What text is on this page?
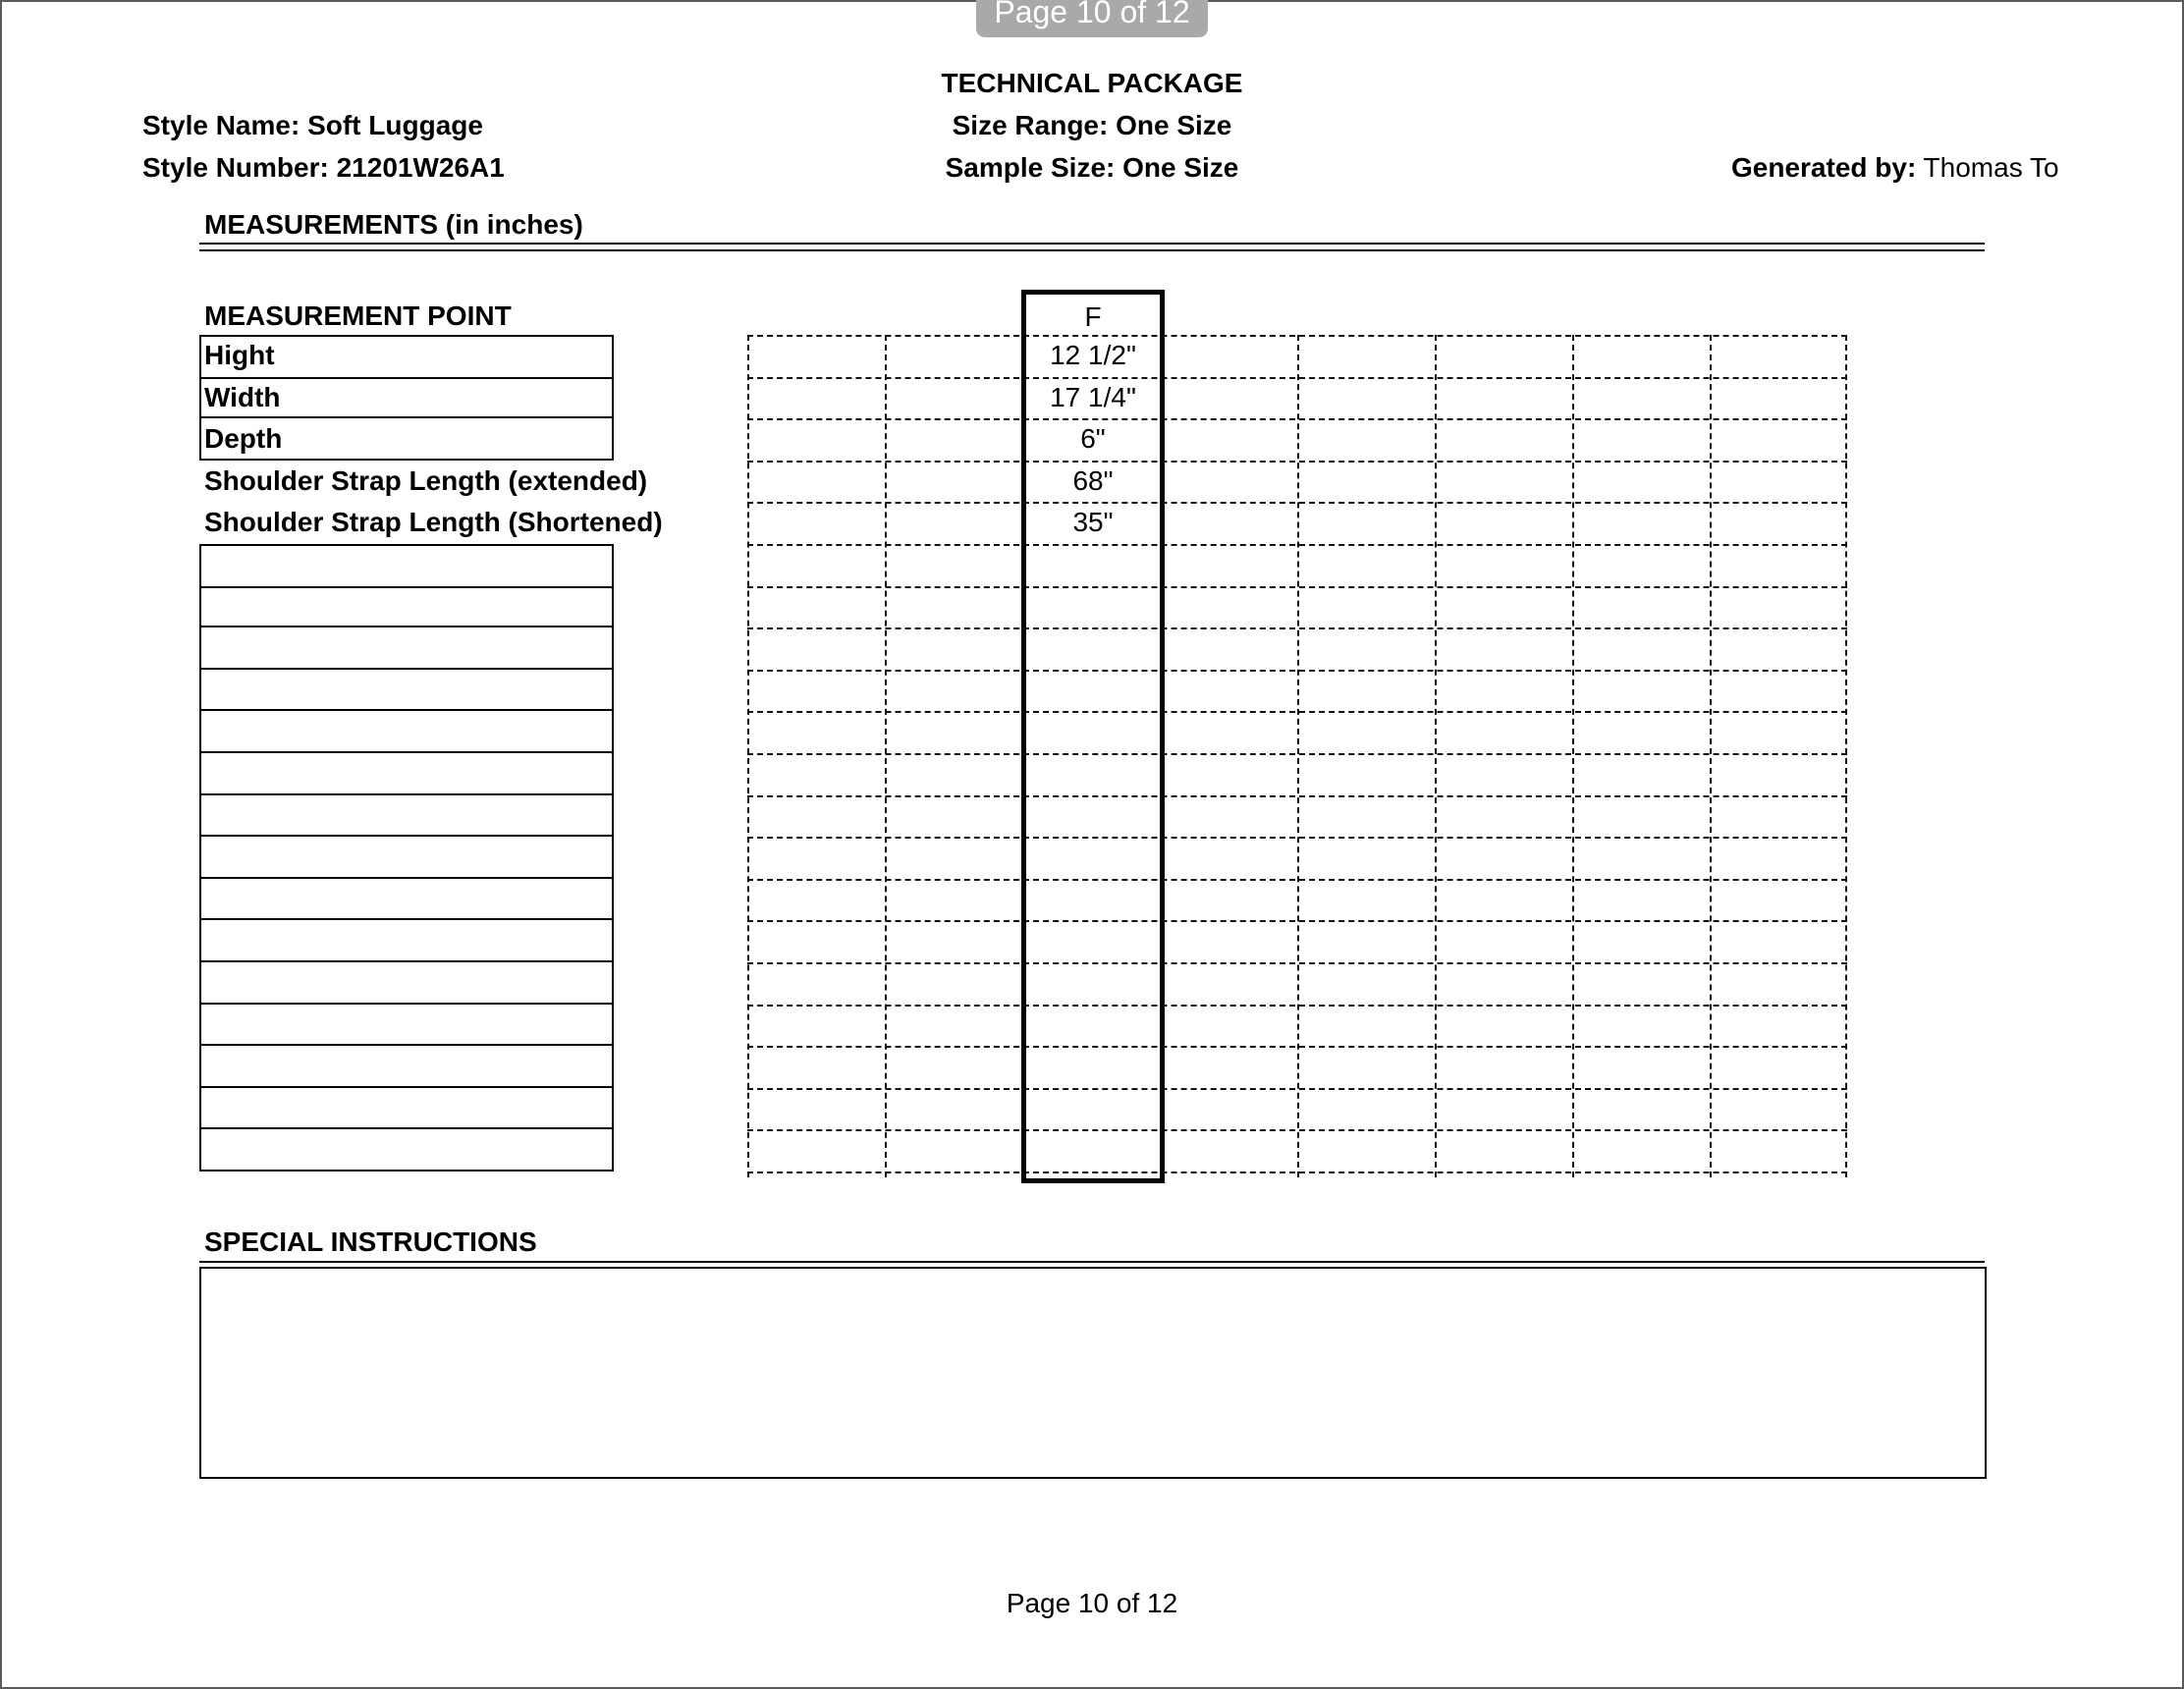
Page 10 of 12
TECHNICAL PACKAGE
Size Range: One Size
Sample Size: One Size
Style Name: Soft Luggage
Style Number: 21201W26A1	Generated by: Thomas To
MEASUREMENTS (in inches)
MEASUREMENT POINT
Hight
Width
Depth
Shoulder Strap Length (extended)
Shoulder Strap Length (Shortened)
F
12 1/2"
17 1/4"
6"
68"
35"
SPECIAL INSTRUCTIONS
Page 10 of 12
